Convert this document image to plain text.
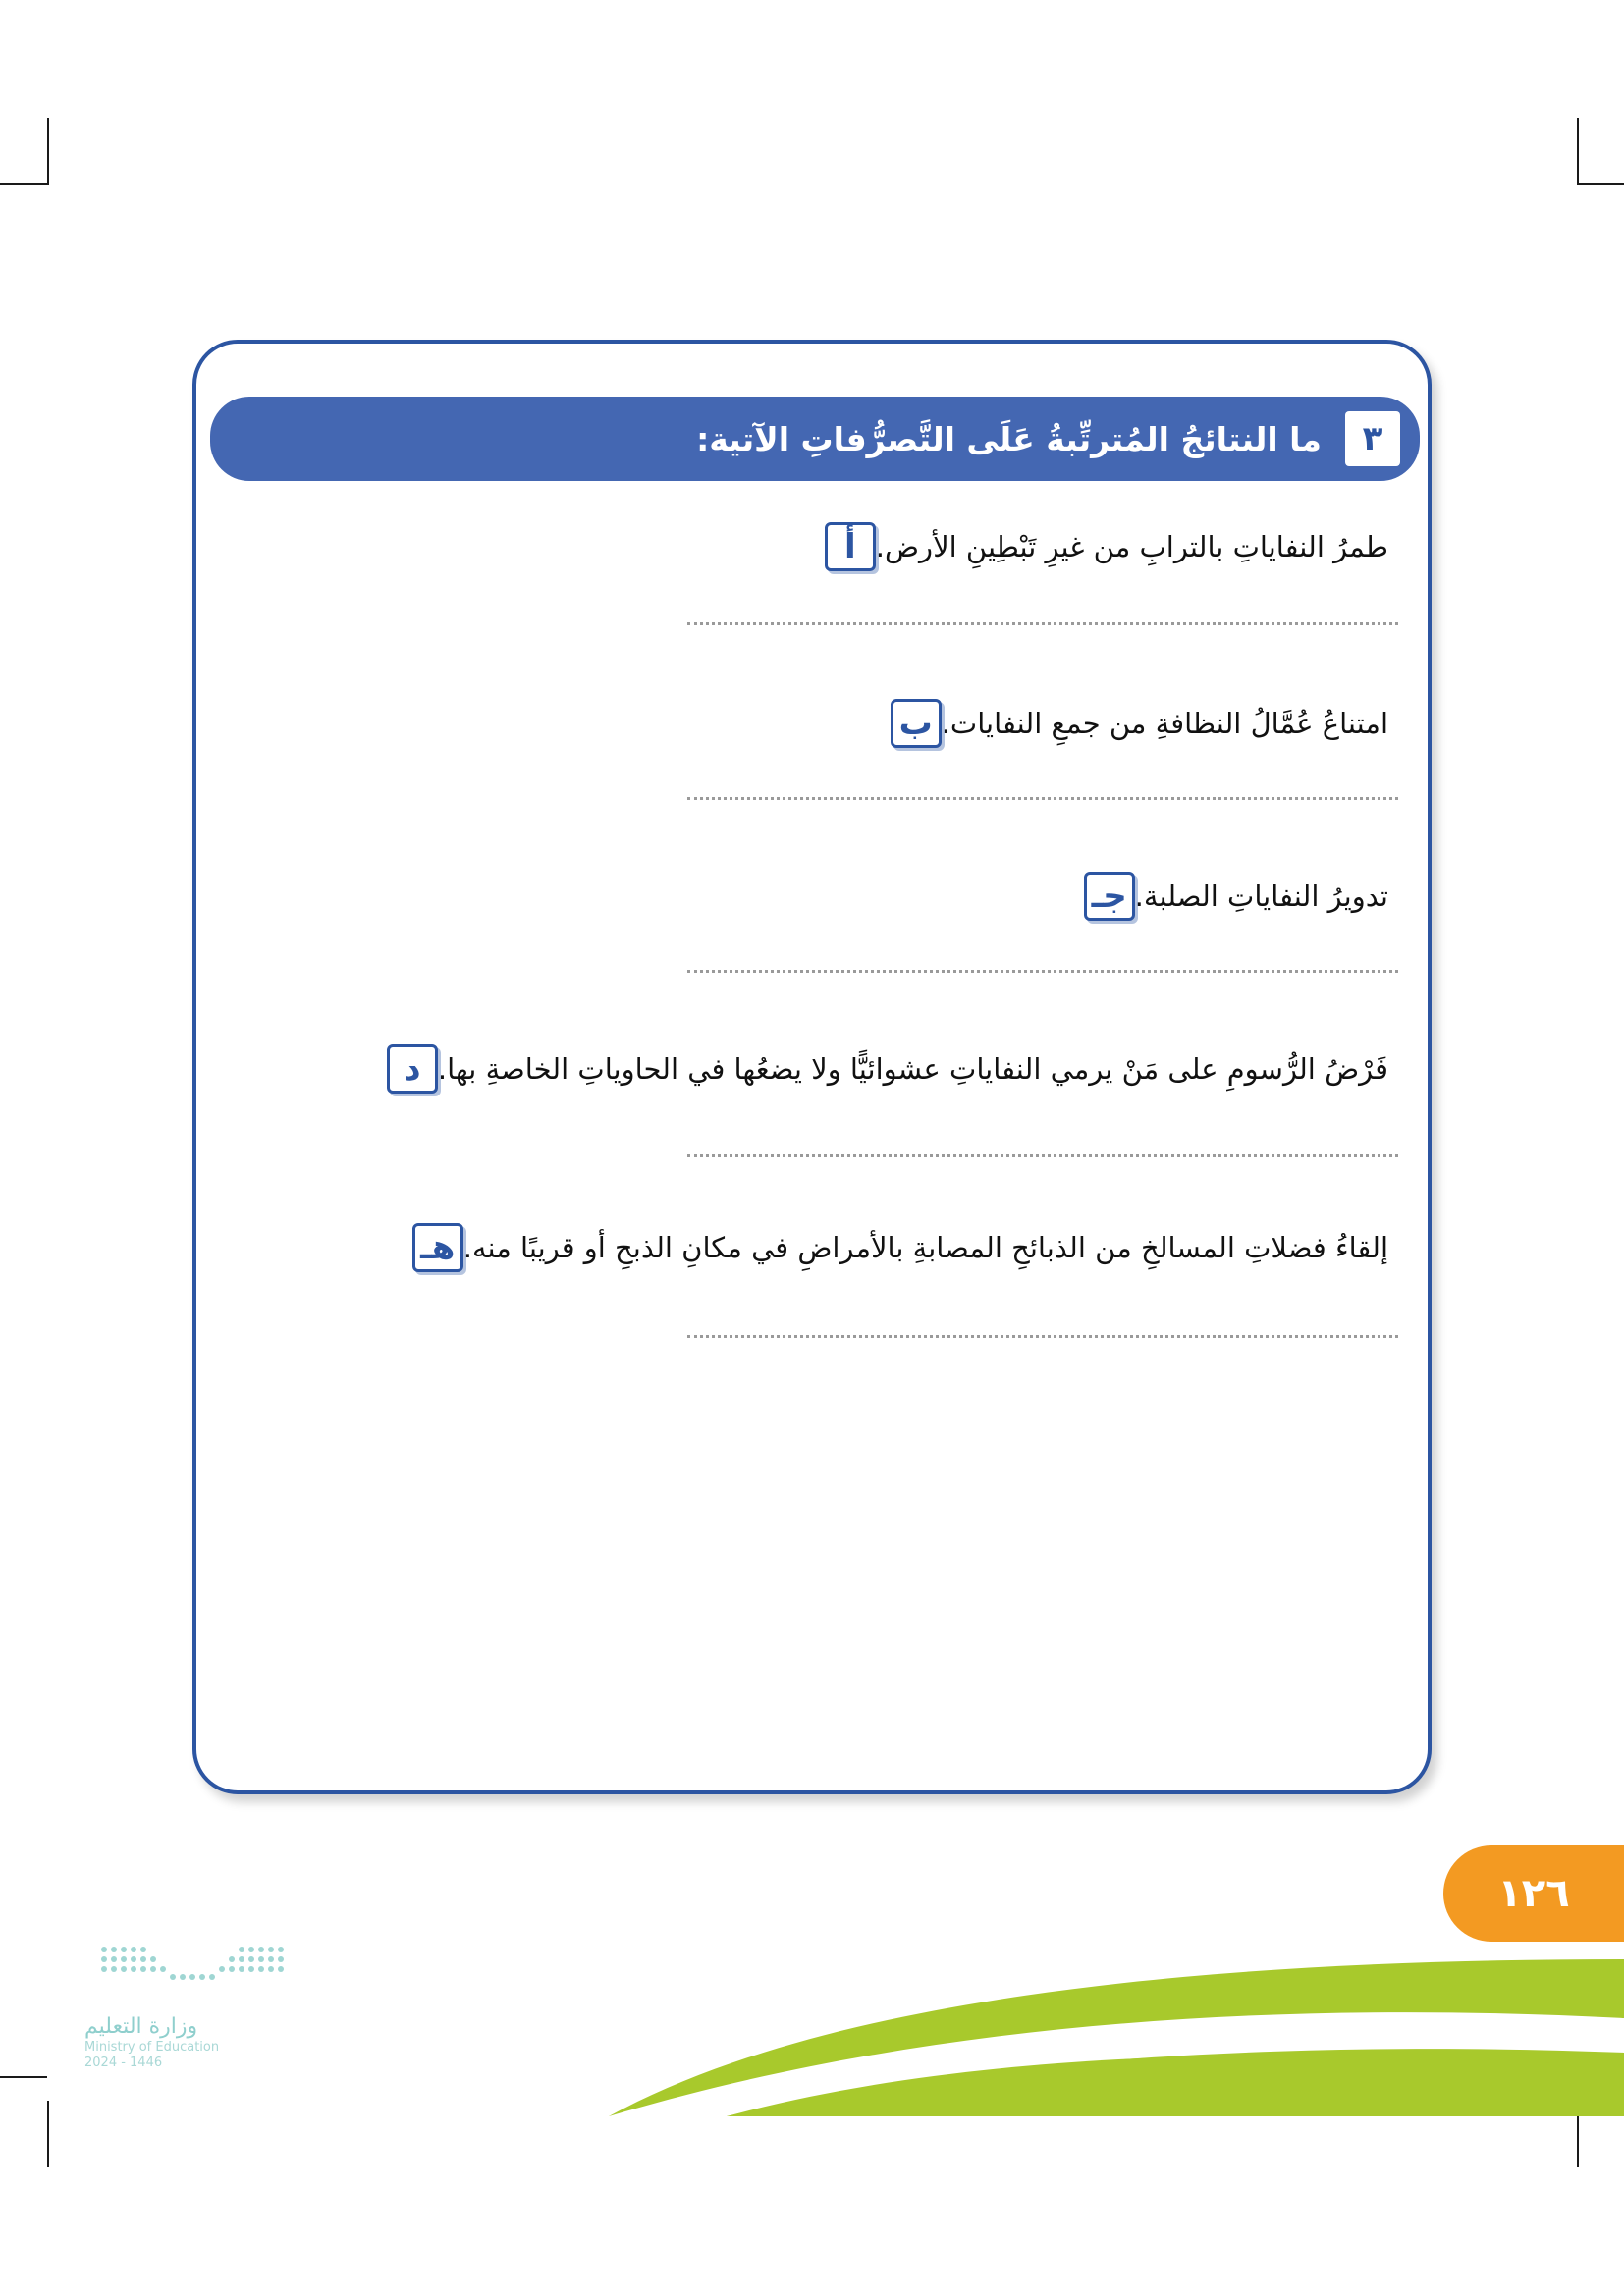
ما النتائجُ المُترتِّبةُ عَلَى التَّصرُّفاتِ الآتية:	٣
أ طمرُ النفاياتِ بالترابِ من غيرِ تَبْطِينِ الأرض.
ب امتناعُ عُمَّالُ النظافةِ من جمعِ النفايات.
جـ تدويرُ النفاياتِ الصلبة.
د فَرْضُ الرُّسومِ على مَنْ يرمي النفاياتِ عشوائيًّا ولا يضعُها في الحاوياتِ الخاصةِ بها.
هـ إلقاءُ فضلاتِ المسالخِ من الذبائحِ المصابةِ بالأمراضِ في مكانِ الذبحِ أو قريبًا منه.
١٢٦
وزارة التعليم
Ministry of Education
2024 - 1446
